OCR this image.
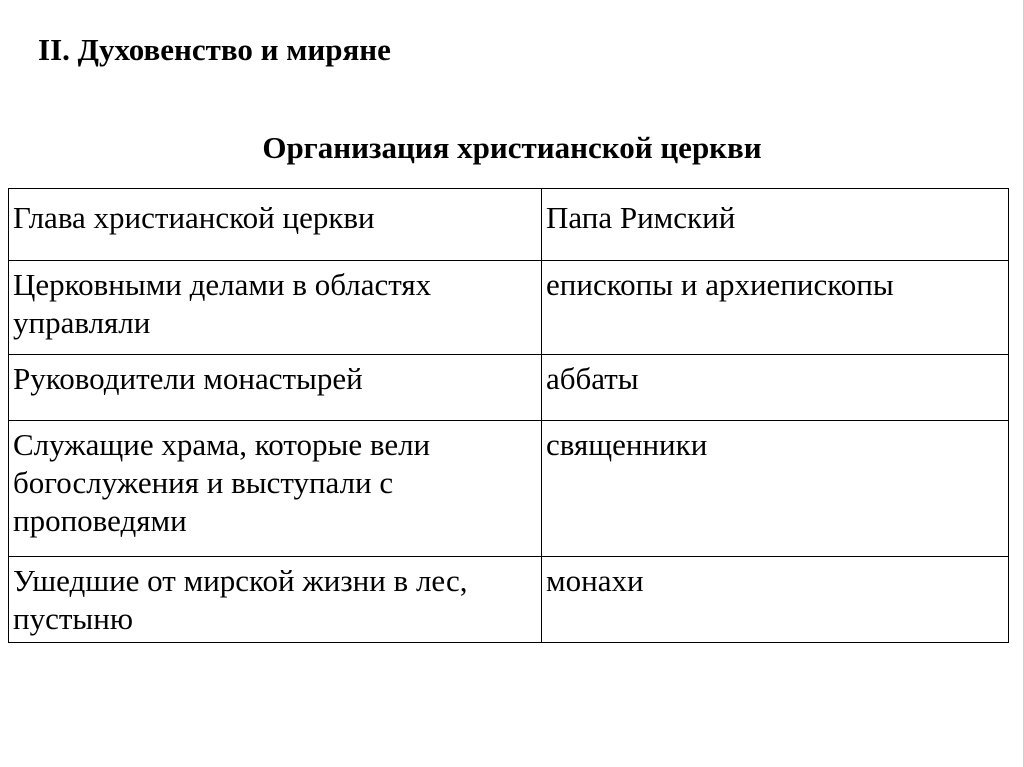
II. Духовенство и миряне
Организация христианской церкви
Глава христианской церкви	Папа Римский
Церковными делами в областях управляли	епископы и архиепископы
Руководители монастырей	аббаты
Служащие храма, которые вели богослужения и выступали с проповедями	священники
Ушедшие от мирской жизни в лес, пустыню	монахи
